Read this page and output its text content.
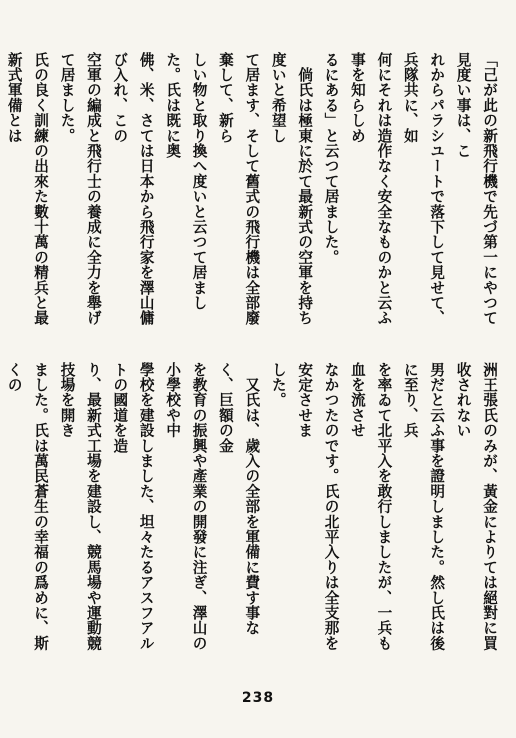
「己が此の新飛行機で先づ第一にやつて見度い事は、こ
れからパラシユートで落下して見せて、兵隊共に、如
何にそれは造作なく安全なものかと云ふ事を知らしめ
るにある」と云つて居ました。
　倘氏は極東に於て最新式の空軍を持ち度いと希望し
て居ます、そして舊式の飛行機は全部廢棄して、新ら
しい物と取り換へ度いと云つて居ました。氏は既に奥
佛、米、さては日本から飛行家を澤山傭び入れ、この
空軍の編成と飛行士の養成に全力を舉げて居ました。
氏の良く訓練の出來た數十萬の精兵と最新式軍備とは
洲王張氏のみが、黃金によりては絕對に買收されない
男だと云ふ事を證明しました。然し氏は後に至り、兵
を率ゐて北平入を敢行しましたが、一兵も血を流させ
なかつたのです。氏の北平入りは全支那を安定させま
した。
　又氏は、歲入の全部を軍備に費す事なく、巨額の金
を教育の振興や產業の開發に注ぎ、澤山の小學校や中
學校を建設しました、坦々たるアスフアルトの國道を造
り、最新式工場を建設し、競馬場や運動競技場を開き
ました。氏は萬民蒼生の幸福の爲めに、斯くの
238
